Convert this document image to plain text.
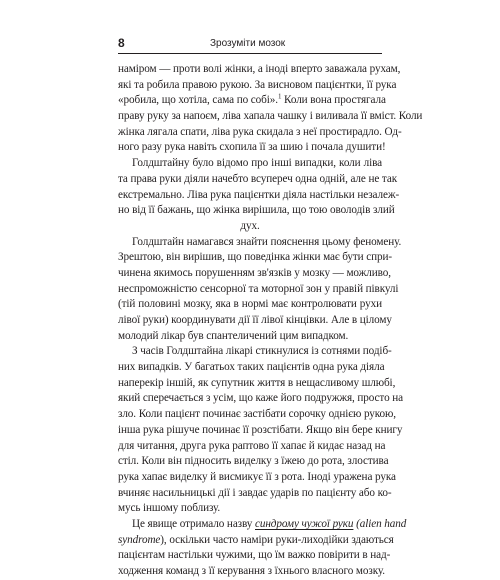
8	Зрозуміти мозок
наміром — проти волі жінки, а іноді вперто заважала рухам,
які та робила правою рукою. За висновом пацієнтки, її рука
«робила, що хотіла, сама по собі».$^1$ Коли вона простягала
праву руку за напоєм, ліва хапала чашку і виливала її вміст. Коли
жінка лягала спати, ліва рука скидала з неї простирадло. Од-
ного разу рука навіть схопила її за шию і почала душити!
Голдштайну було відомо про інші випадки, коли ліва
та права руки діяли начебто всупереч одна одній, але не так
екстремально. Ліва рука пацієнтки діяла настільки незалеж-
но від її бажань, що жінка вирішила, що тою оволодів злий
дух.
Голдштайн намагався знайти пояснення цьому феномену.
Зрештою, він вирішив, що поведінка жінки має бути спри-
чинена якимось порушенням зв'язків у мозку — можливо,
неспроможністю сенсорної та моторної зон у правій півкулі
(тій половині мозку, яка в нормі має контролювати рухи
лівої руки) координувати дії її лівої кінцівки. Але в цілому
молодий лікар був спантеличений цим випадком.
З часів Голдштайна лікарі стикнулися із сотнями подіб-
них випадків. У багатьох таких пацієнтів одна рука діяла
наперекір іншій, як супутник життя в нещасливому шлюбі,
який сперечається з усім, що каже його подружжя, просто на
зло. Коли пацієнт починає застібати сорочку однією рукою,
інша рука рішуче починає її розстібати. Якщо він бере книгу
для читання, друга рука раптово її хапає й кидає назад на
стіл. Коли він підносить виделку з їжею до рота, злостива
рука хапає виделку й висмикує її з рота. Іноді уражена рука
вчиняє насильницькі дії і завдає ударів по пацієнту або ко-
мусь іншому поблизу.
Це явище отримало назву синдрому чужої руки (alien hand
syndrome), оскільки часто наміри руки-лиходійки здаються
пацієнтам настільки чужими, що їм важко повірити в над-
ходження команд з її керування з їхнього власного мозку.
